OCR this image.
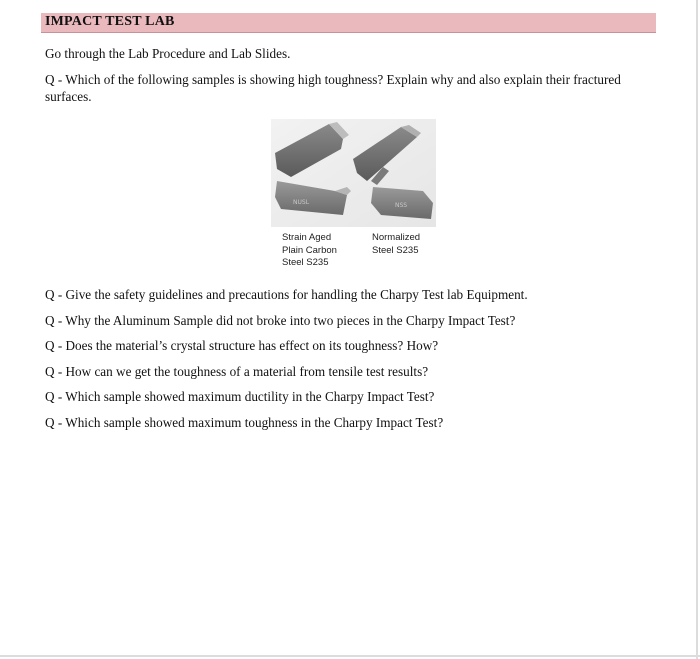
IMPACT TEST LAB
Go through the Lab Procedure and Lab Slides.
Q - Which of the following samples is showing high toughness? Explain why and also explain their fractured surfaces.
NUSL	NSS
Strain Aged
Plain Carbon
Steel S235
Normalized
Steel S235
Q - Give the safety guidelines and precautions for handling the Charpy Test lab Equipment.
Q - Why the Aluminum Sample did not broke into two pieces in the Charpy Impact Test?
Q - Does the material’s crystal structure has effect on its toughness? How?
Q - How can we get the toughness of a material from tensile test results?
Q - Which sample showed maximum ductility in the Charpy Impact Test?
Q - Which sample showed maximum toughness in the Charpy Impact Test?
